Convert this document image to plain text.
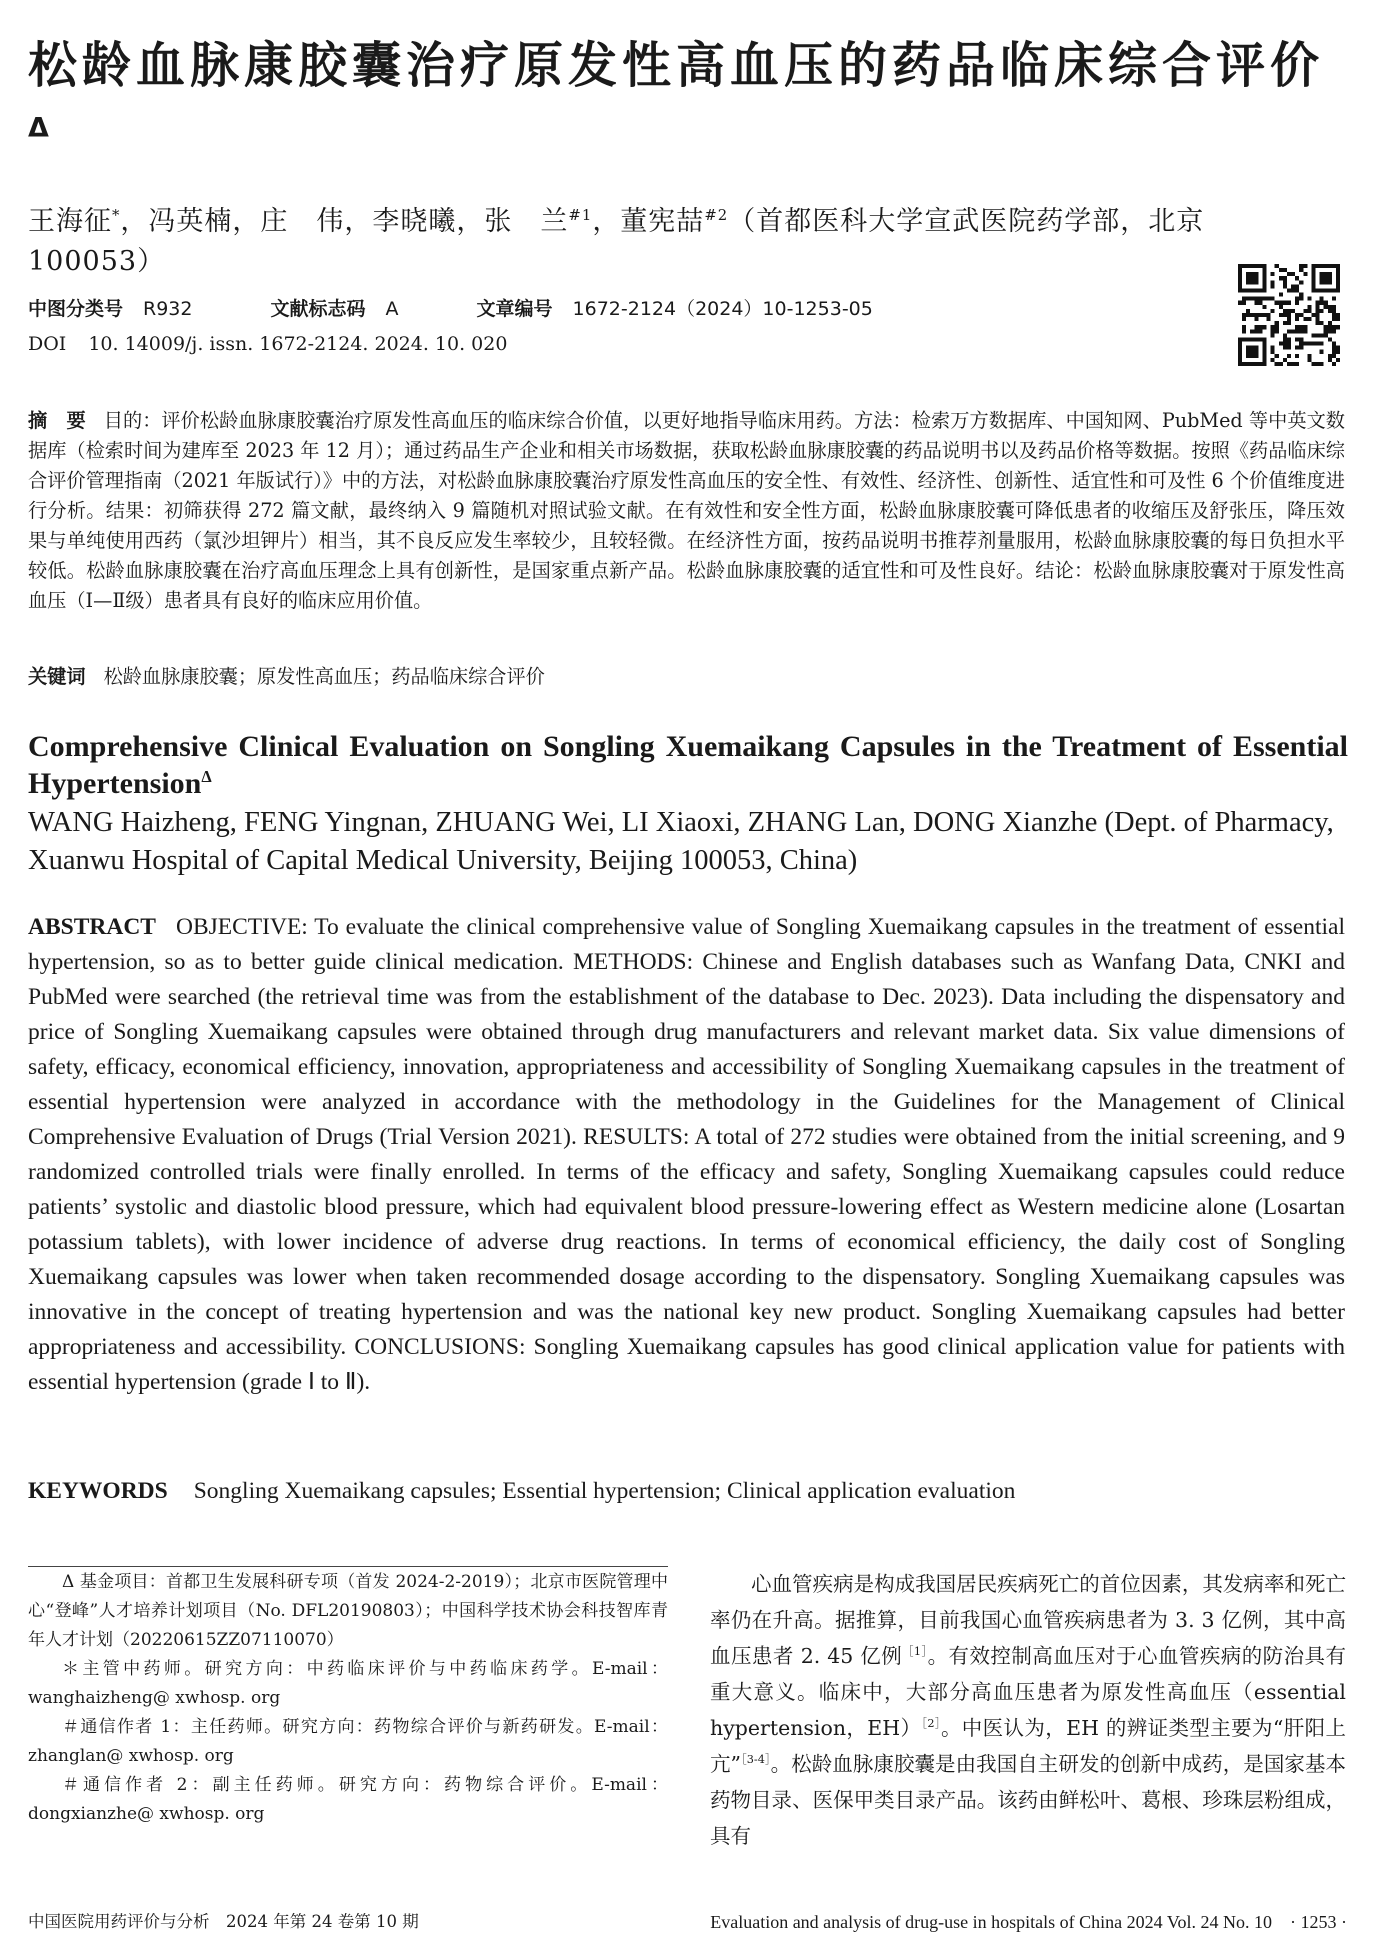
松龄血脉康胶囊治疗原发性高血压的药品临床综合评价$^\Delta$
王海征*，冯英楠，庄　伟，李晓曦，张　兰$^{\#1}$，董宪喆$^{\#2}$（首都医科大学宣武医院药学部，北京　100053）
中图分类号 R932	文献标志码 A	文章编号 1672-2124（2024）10-1253-05
DOI 10. 14009/j. issn. 1672-2124. 2024. 10. 020
摘　要 目的：评价松龄血脉康胶囊治疗原发性高血压的临床综合价值，以更好地指导临床用药。方法：检索万方数据库、中国知网、PubMed 等中英文数据库（检索时间为建库至 2023 年 12 月）；通过药品生产企业和相关市场数据，获取松龄血脉康胶囊的药品说明书以及药品价格等数据。按照《药品临床综合评价管理指南（2021 年版试行）》中的方法，对松龄血脉康胶囊治疗原发性高血压的安全性、有效性、经济性、创新性、适宜性和可及性 6 个价值维度进行分析。结果：初筛获得 272 篇文献，最终纳入 9 篇随机对照试验文献。在有效性和安全性方面，松龄血脉康胶囊可降低患者的收缩压及舒张压，降压效果与单纯使用西药（氯沙坦钾片）相当，其不良反应发生率较少，且较轻微。在经济性方面，按药品说明书推荐剂量服用，松龄血脉康胶囊的每日负担水平较低。松龄血脉康胶囊在治疗高血压理念上具有创新性，是国家重点新产品。松龄血脉康胶囊的适宜性和可及性良好。结论：松龄血脉康胶囊对于原发性高血压（Ⅰ—Ⅱ级）患者具有良好的临床应用价值。
关键词 松龄血脉康胶囊；原发性高血压；药品临床综合评价
Comprehensive Clinical Evaluation on Songling Xuemaikang Capsules in the Treatment of Essential Hypertension$^\Delta$
WANG Haizheng, FENG Yingnan, ZHUANG Wei, LI Xiaoxi, ZHANG Lan, DONG Xianzhe (Dept. of Pharmacy, Xuanwu Hospital of Capital Medical University, Beijing 100053, China)
ABSTRACT OBJECTIVE: To evaluate the clinical comprehensive value of Songling Xuemaikang capsules in the treatment of essential hypertension, so as to better guide clinical medication. METHODS: Chinese and English databases such as Wanfang Data, CNKI and PubMed were searched (the retrieval time was from the establishment of the database to Dec. 2023). Data including the dispensatory and price of Songling Xuemaikang capsules were obtained through drug manufacturers and relevant market data. Six value dimensions of safety, efficacy, economical efficiency, innovation, appropriateness and accessibility of Songling Xuemaikang capsules in the treatment of essential hypertension were analyzed in accordance with the methodology in the Guidelines for the Management of Clinical Comprehensive Evaluation of Drugs (Trial Version 2021). RESULTS: A total of 272 studies were obtained from the initial screening, and 9 randomized controlled trials were finally enrolled. In terms of the efficacy and safety, Songling Xuemaikang capsules could reduce patients’ systolic and diastolic blood pressure, which had equivalent blood pressure-lowering effect as Western medicine alone (Losartan potassium tablets), with lower incidence of adverse drug reactions. In terms of economical efficiency, the daily cost of Songling Xuemaikang capsules was lower when taken recommended dosage according to the dispensatory. Songling Xuemaikang capsules was innovative in the concept of treating hypertension and was the national key new product. Songling Xuemaikang capsules had better appropriateness and accessibility. CONCLUSIONS: Songling Xuemaikang capsules has good clinical application value for patients with essential hypertension (grade Ⅰ to Ⅱ).
KEYWORDS Songling Xuemaikang capsules; Essential hypertension; Clinical application evaluation

Δ 基金项目：首都卫生发展科研专项（首发 2024-2-2019）；北京市医院管理中心“登峰”人才培养计划项目（No. DFL20190803）；中国科学技术协会科技智库青年人才计划（20220615ZZ07110070）

＊主管中药师。研究方向：中药临床评价与中药临床药学。E-mail：wanghaizheng@ xwhosp. org

＃通信作者 1：主任药师。研究方向：药物综合评价与新药研发。E-mail：zhanglan@ xwhosp. org

＃通信作者 2：副主任药师。研究方向：药物综合评价。E-mail：dongxianzhe@ xwhosp. org

心血管疾病是构成我国居民疾病死亡的首位因素，其发病率和死亡率仍在升高。据推算，目前我国心血管疾病患者为 3. 3 亿例，其中高血压患者 2. 45 亿例$^{[1]}$。有效控制高血压对于心血管疾病的防治具有重大意义。临床中，大部分高血压患者为原发性高血压（essential hypertension，EH）$^{[2]}$。中医认为，EH 的辨证类型主要为“肝阳上亢”$^{[3-4]}$。松龄血脉康胶囊是由我国自主研发的创新中成药，是国家基本药物目录、医保甲类目录产品。该药由鲜松叶、葛根、珍珠层粉组成，具有

中国医院用药评价与分析　2024 年第 24 卷第 10 期	Evaluation and analysis of drug-use in hospitals of China 2024 Vol. 24 No. 10　· 1253 ·
